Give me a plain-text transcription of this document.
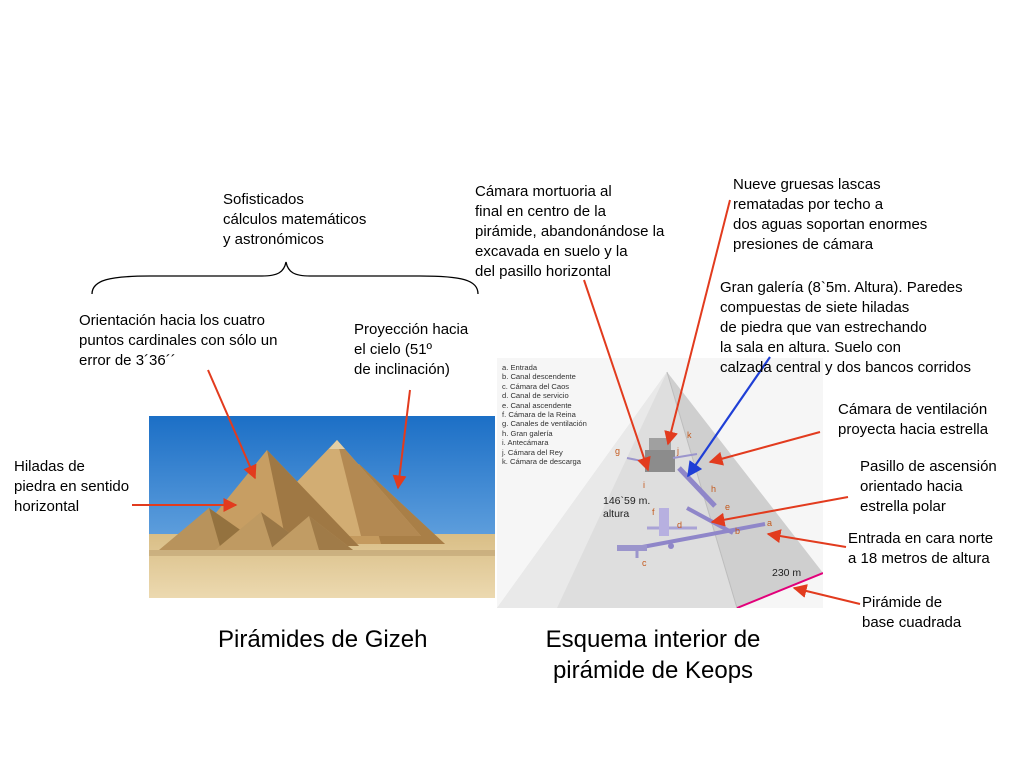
a
b
c
d
e
f
g
h
i
j
k
a. Entrada
b. Canal descendente
c. Cámara del Caos
d. Canal de servicio
e. Canal ascendente
f. Cámara de la Reina
g. Canales de ventilación
h. Gran galería
i. Antecámara
j. Cámara del Rey
k. Cámara de descarga
146`59 m.
altura
230 m
Sofisticados
cálculos matemáticos
y astronómicos
Orientación hacia los cuatro
puntos cardinales con sólo un
error de 3´36´´
Proyección hacia
el cielo (51º
de inclinación)
Hiladas de
piedra en sentido
horizontal
Cámara mortuoria al
final en centro de la
pirámide, abandonándose la
excavada en suelo y la
del pasillo horizontal
Nueve gruesas lascas
rematadas por techo a
dos aguas soportan enormes
presiones de cámara
Gran galería (8`5m. Altura). Paredes
compuestas de siete hiladas
de piedra que van estrechando
la sala en altura. Suelo con
calzada central y dos bancos corridos
Cámara de ventilación
proyecta hacia estrella
Pasillo de ascensión
orientado hacia
estrella polar
Entrada en cara norte
a 18 metros de altura
Pirámide de
base cuadrada
Pirámides de Gizeh	Esquema interior de
pirámide de Keops
